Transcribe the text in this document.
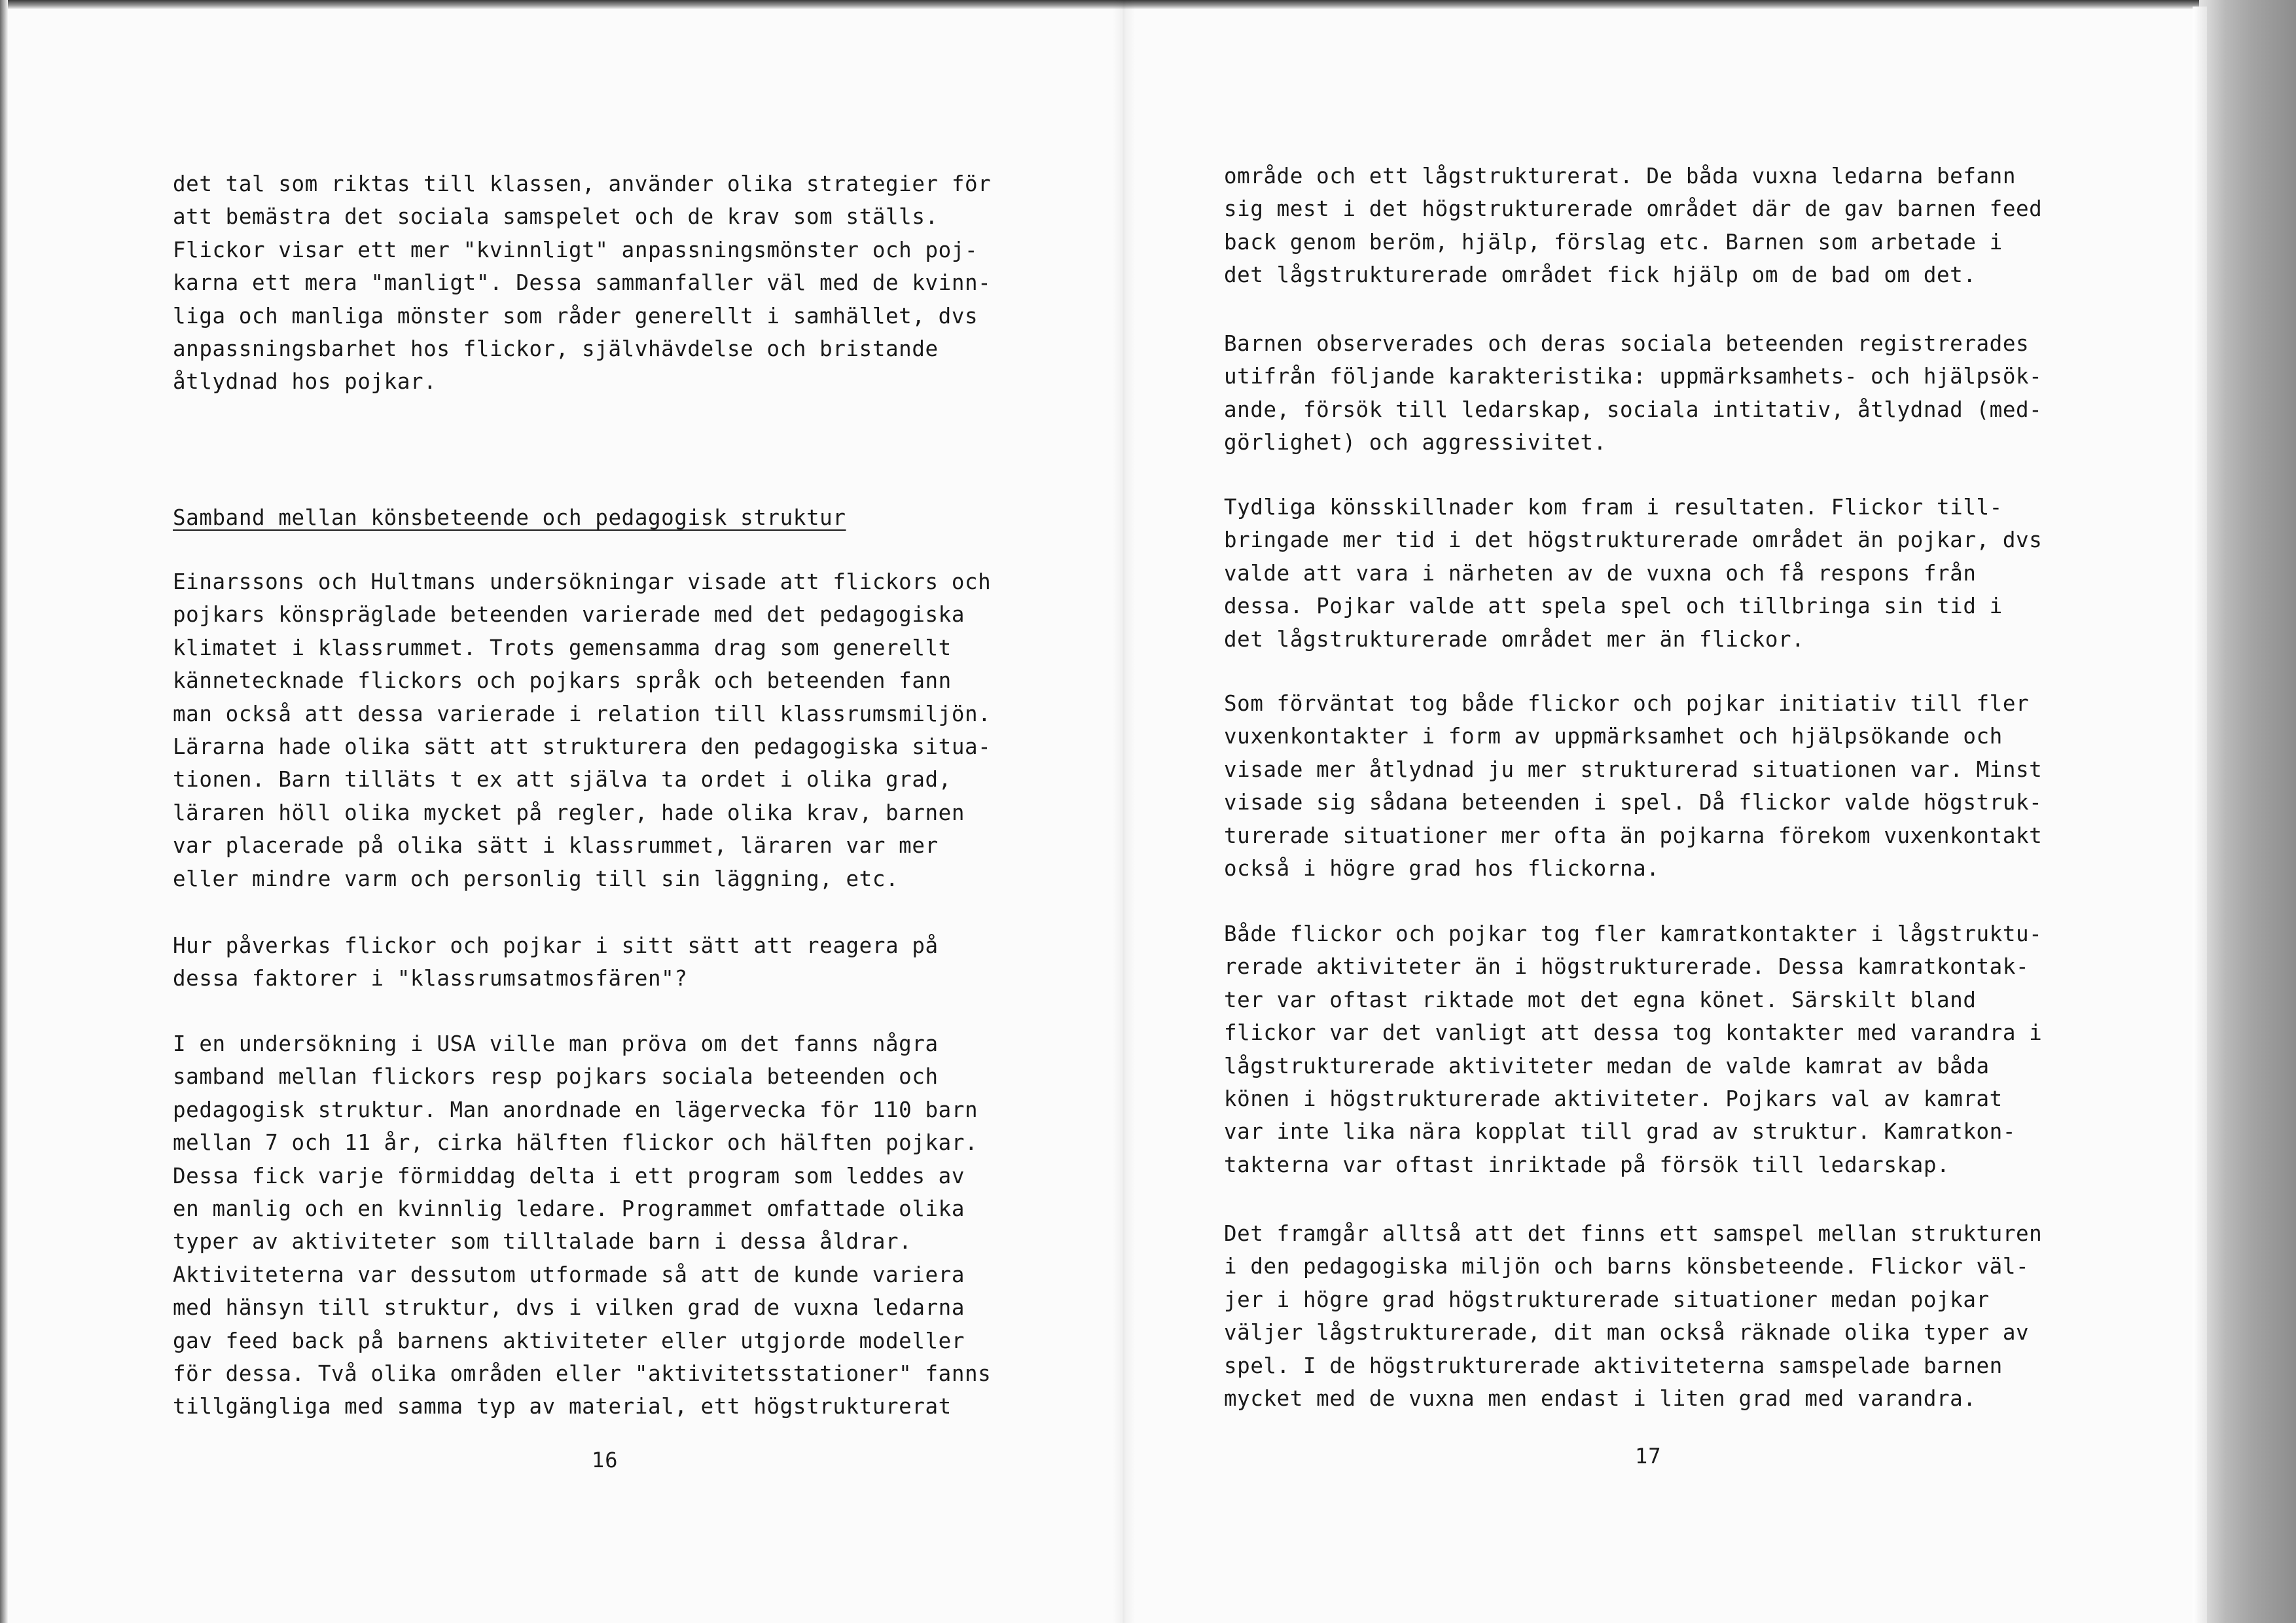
det tal som riktas till klassen, använder olika strategier för
att bemästra det sociala samspelet och de krav som ställs.
Flickor visar ett mer "kvinnligt" anpassningsmönster och poj-
karna ett mera "manligt". Dessa sammanfaller väl med de kvinn-
liga och manliga mönster som råder generellt i samhället, dvs
anpassningsbarhet hos flickor, självhävdelse och bristande
åtlydnad hos pojkar.
Samband mellan könsbeteende och pedagogisk struktur
Einarssons och Hultmans undersökningar visade att flickors och
pojkars könspräglade beteenden varierade med det pedagogiska
klimatet i klassrummet. Trots gemensamma drag som generellt
kännetecknade flickors och pojkars språk och beteenden fann
man också att dessa varierade i relation till klassrumsmiljön.
Lärarna hade olika sätt att strukturera den pedagogiska situa-
tionen. Barn tilläts t ex att själva ta ordet i olika grad,
läraren höll olika mycket på regler, hade olika krav, barnen
var placerade på olika sätt i klassrummet, läraren var mer
eller mindre varm och personlig till sin läggning, etc.
Hur påverkas flickor och pojkar i sitt sätt att reagera på
dessa faktorer i "klassrumsatmosfären"?
I en undersökning i USA ville man pröva om det fanns några
samband mellan flickors resp pojkars sociala beteenden och
pedagogisk struktur. Man anordnade en lägervecka för 110 barn
mellan 7 och 11 år, cirka hälften flickor och hälften pojkar.
Dessa fick varje förmiddag delta i ett program som leddes av
en manlig och en kvinnlig ledare. Programmet omfattade olika
typer av aktiviteter som tilltalade barn i dessa åldrar.
Aktiviteterna var dessutom utformade så att de kunde variera
med hänsyn till struktur, dvs i vilken grad de vuxna ledarna
gav feed back på barnens aktiviteter eller utgjorde modeller
för dessa. Två olika områden eller "aktivitetsstationer" fanns
tillgängliga med samma typ av material, ett högstrukturerat
16
område och ett lågstrukturerat. De båda vuxna ledarna befann
sig mest i det högstrukturerade området där de gav barnen feed
back genom beröm, hjälp, förslag etc. Barnen som arbetade i
det lågstrukturerade området fick hjälp om de bad om det.
Barnen observerades och deras sociala beteenden registrerades
utifrån följande karakteristika: uppmärksamhets- och hjälpsök-
ande, försök till ledarskap, sociala intitativ, åtlydnad (med-
görlighet) och aggressivitet.
Tydliga könsskillnader kom fram i resultaten. Flickor till-
bringade mer tid i det högstrukturerade området än pojkar, dvs
valde att vara i närheten av de vuxna och få respons från
dessa. Pojkar valde att spela spel och tillbringa sin tid i
det lågstrukturerade området mer än flickor.
Som förväntat tog både flickor och pojkar initiativ till fler
vuxenkontakter i form av uppmärksamhet och hjälpsökande och
visade mer åtlydnad ju mer strukturerad situationen var. Minst
visade sig sådana beteenden i spel. Då flickor valde högstruk-
turerade situationer mer ofta än pojkarna förekom vuxenkontakt
också i högre grad hos flickorna.
Både flickor och pojkar tog fler kamratkontakter i lågstruktu-
rerade aktiviteter än i högstrukturerade. Dessa kamratkontak-
ter var oftast riktade mot det egna könet. Särskilt bland
flickor var det vanligt att dessa tog kontakter med varandra i
lågstrukturerade aktiviteter medan de valde kamrat av båda
könen i högstrukturerade aktiviteter. Pojkars val av kamrat
var inte lika nära kopplat till grad av struktur. Kamratkon-
takterna var oftast inriktade på försök till ledarskap.
Det framgår alltså att det finns ett samspel mellan strukturen
i den pedagogiska miljön och barns könsbeteende. Flickor väl-
jer i högre grad högstrukturerade situationer medan pojkar
väljer lågstrukturerade, dit man också räknade olika typer av
spel. I de högstrukturerade aktiviteterna samspelade barnen
mycket med de vuxna men endast i liten grad med varandra.
17
